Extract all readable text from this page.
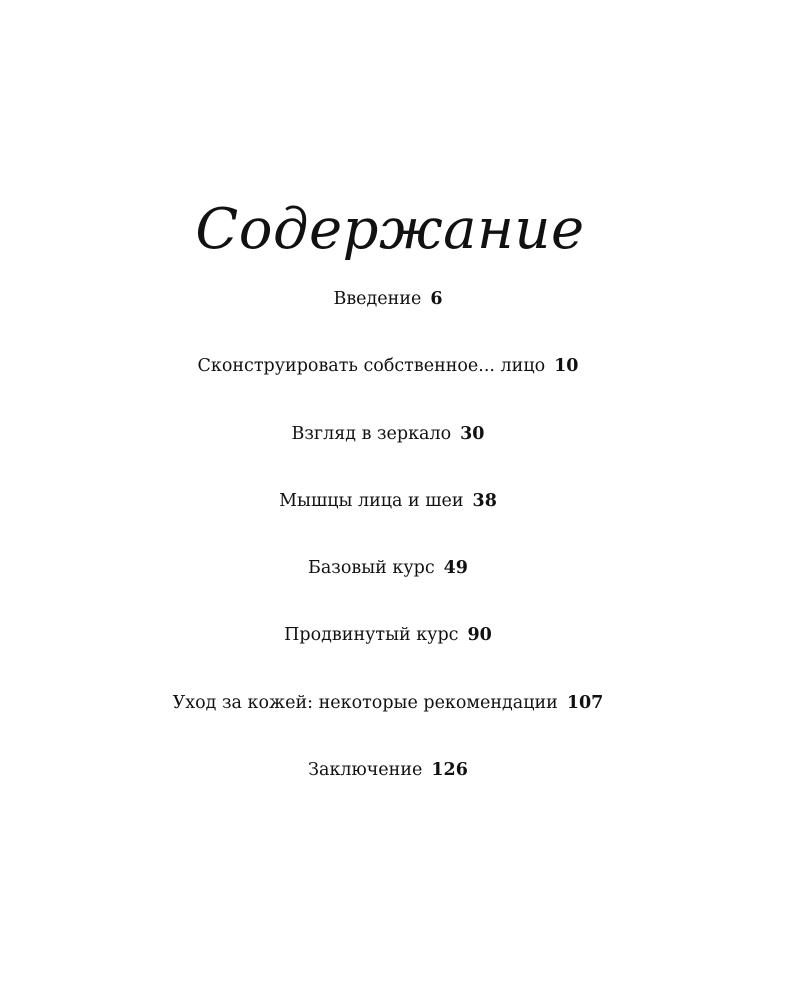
Содержание
Введение 6
Сконструировать собственное... лицо 10
Взгляд в зеркало 30
Мышцы лица и шеи 38
Базовый курс 49
Продвинутый курс 90
Уход за кожей: некоторые рекомендации 107
Заключение 126
